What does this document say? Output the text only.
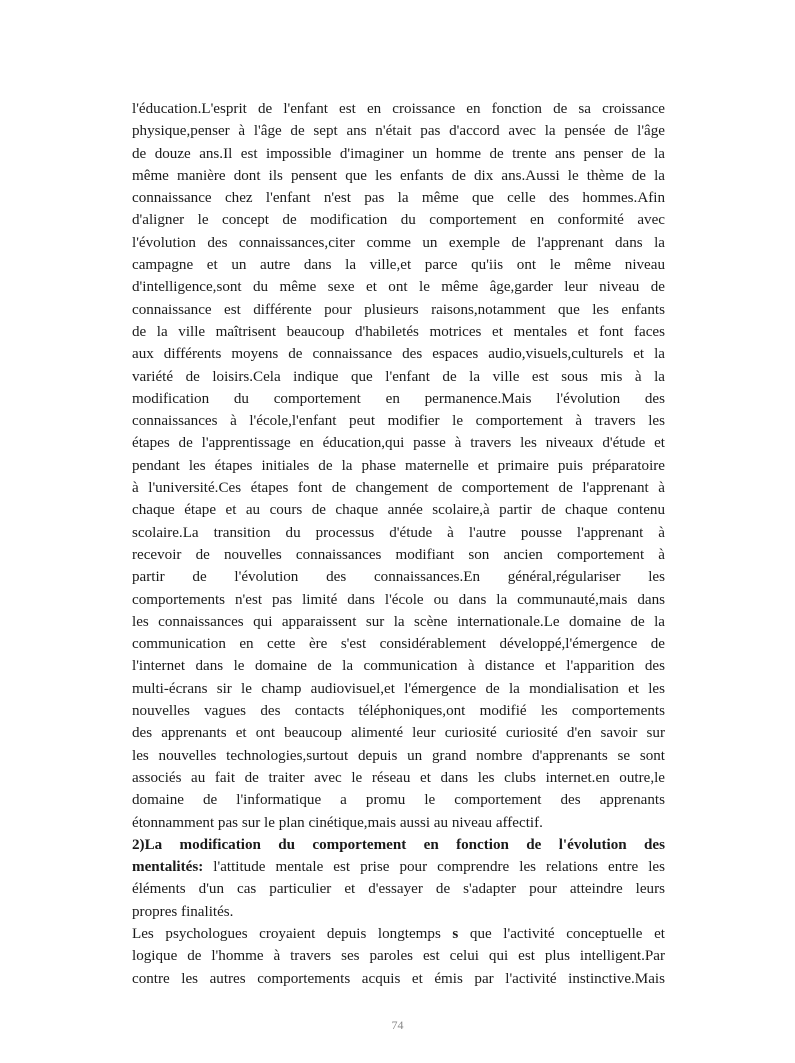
l'éducation.L'esprit de l'enfant est en croissance en fonction de sa croissance
physique,penser à l'âge de sept ans n'était pas d'accord avec la pensée de l'âge
de douze ans.Il est impossible d'imaginer un homme de trente ans penser de la
même manière dont ils pensent que les enfants de dix ans.Aussi le thème de la
connaissance chez l'enfant n'est pas la même que celle des hommes.Afin
d'aligner le concept de modification du comportement en conformité avec
l'évolution des connaissances,citer comme un exemple de l'apprenant dans la
campagne et un autre dans la ville,et parce qu'iis ont le même niveau
d'intelligence,sont du même sexe et ont le même âge,garder leur niveau de
connaissance est différente pour plusieurs raisons,notamment que les enfants
de la ville maîtrisent beaucoup d'habiletés motrices et mentales et font faces
aux différents moyens de connaissance des espaces audio,visuels,culturels et la
variété de loisirs.Cela indique que l'enfant de la ville est sous mis à la
modification du comportement en permanence.Mais l'évolution des
connaissances à l'école,l'enfant peut modifier le comportement à travers les
étapes de l'apprentissage en éducation,qui passe à travers les niveaux d'étude et
pendant les étapes initiales de la phase maternelle et primaire puis préparatoire
à l'université.Ces étapes font de changement de comportement de l'apprenant à
chaque étape et au cours de chaque année scolaire,à partir de chaque contenu
scolaire.La transition du processus d'étude à l'autre pousse l'apprenant à
recevoir de nouvelles connaissances modifiant son ancien comportement à
partir de l'évolution des connaissances.En général,régulariser les
comportements n'est pas limité dans l'école ou dans la communauté,mais dans
les connaissances qui apparaissent sur la scène internationale.Le domaine de la
communication en cette ère s'est considérablement développé,l'émergence de
l'internet dans le domaine de la communication à distance et l'apparition des
multi-écrans sir le champ audiovisuel,et l'émergence de la mondialisation et les
nouvelles vagues des contacts téléphoniques,ont modifié les comportements
des apprenants et ont beaucoup alimenté leur curiosité curiosité d'en savoir sur
les nouvelles technologies,surtout depuis un grand nombre d'apprenants se sont
associés au fait de traiter avec le réseau et dans les clubs internet.en outre,le
domaine de l'informatique a promu le comportement des apprenants
étonnamment pas sur le plan cinétique,mais aussi au niveau affectif.
2)La modification du comportement en fonction de l'évolution des
mentalités: l'attitude mentale est prise pour comprendre les relations entre les
éléments d'un cas particulier et d'essayer de s'adapter pour atteindre leurs
propres finalités.
Les psychologues croyaient depuis longtemps s que l'activité conceptuelle et
logique de l'homme à travers ses paroles est celui qui est plus intelligent.Par
contre les autres comportements acquis et émis par l'activité instinctive.Mais
74
